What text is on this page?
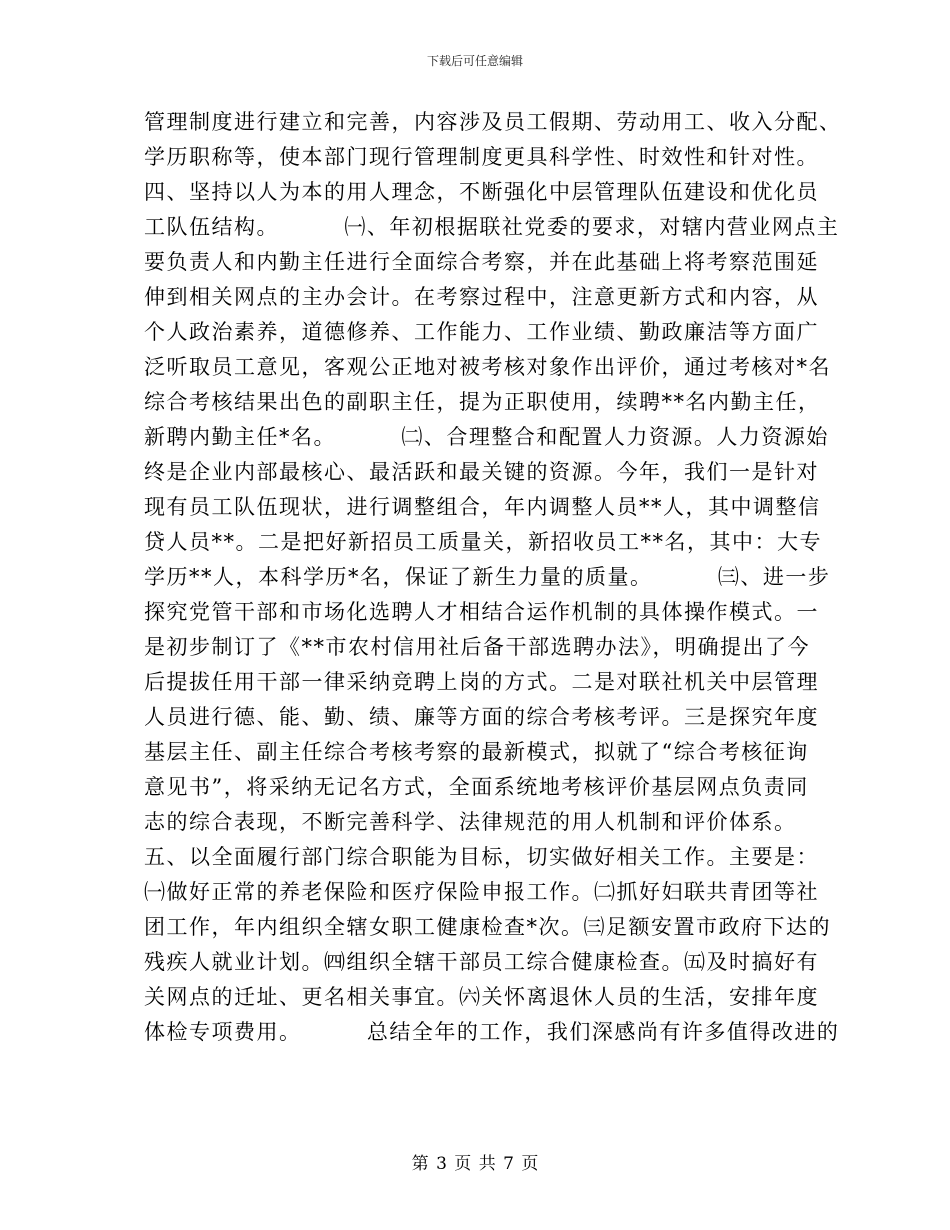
下载后可任意编辑
管理制度进行建立和完善，内容涉及员工假期、劳动用工、收入分配、
学历职称等，使本部门现行管理制度更具科学性、时效性和针对性。
四、坚持以人为本的用人理念，不断强化中层管理队伍建设和优化员
工队伍结构。        ㈠、年初根据联社党委的要求，对辖内营业网点主
要负责人和内勤主任进行全面综合考察，并在此基础上将考察范围延
伸到相关网点的主办会计。在考察过程中，注意更新方式和内容，从
个人政治素养，道德修养、工作能力、工作业绩、勤政廉洁等方面广
泛听取员工意见，客观公正地对被考核对象作出评价，通过考核对*名
综合考核结果出色的副职主任，提为正职使用，续聘**名内勤主任，
新聘内勤主任*名。        ㈡、合理整合和配置人力资源。人力资源始
终是企业内部最核心、最活跃和最关键的资源。今年，我们一是针对
现有员工队伍现状，进行调整组合，年内调整人员**人，其中调整信
贷人员**。二是把好新招员工质量关，新招收员工**名，其中：大专
学历**人，本科学历*名，保证了新生力量的质量。        ㈢、进一步
探究党管干部和市场化选聘人才相结合运作机制的具体操作模式。一
是初步制订了《**市农村信用社后备干部选聘办法》，明确提出了今
后提拔任用干部一律采纳竞聘上岗的方式。二是对联社机关中层管理
人员进行德、能、勤、绩、廉等方面的综合考核考评。三是探究年度
基层主任、副主任综合考核考察的最新模式，拟就了“综合考核征询
意见书”，将采纳无记名方式，全面系统地考核评价基层网点负责同
志的综合表现，不断完善科学、法律规范的用人机制和评价体系。
五、以全面履行部门综合职能为目标，切实做好相关工作。主要是：
㈠做好正常的养老保险和医疗保险申报工作。㈡抓好妇联共青团等社
团工作，年内组织全辖女职工健康检查*次。㈢足额安置市政府下达的
残疾人就业计划。㈣组织全辖干部员工综合健康检查。㈤及时搞好有
关网点的迁址、更名相关事宜。㈥关怀离退休人员的生活，安排年度
体检专项费用。        总结全年的工作，我们深感尚有许多值得改进的
第 3 页 共 7 页
